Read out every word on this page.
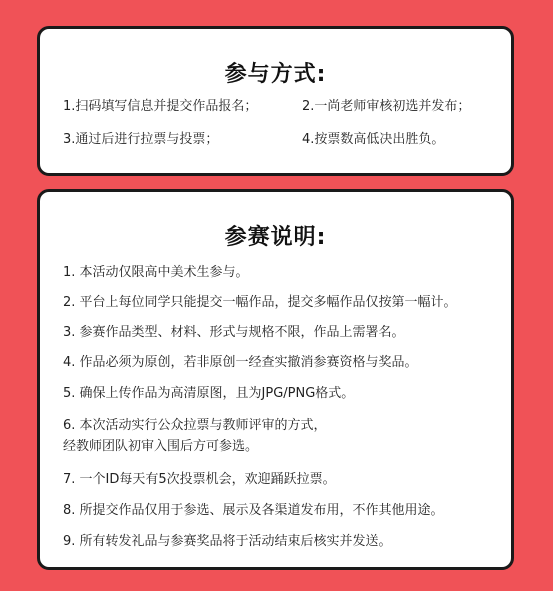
参与方式:
1.扫码填写信息并提交作品报名；	2.一尚老师审核初选并发布；
3.通过后进行拉票与投票；	4.按票数高低决出胜负。
参赛说明:
1. 本活动仅限高中美术生参与。
2. 平台上每位同学只能提交一幅作品，提交多幅作品仅按第一幅计。
3. 参赛作品类型、材料、形式与规格不限，作品上需署名。
4. 作品必须为原创，若非原创一经查实撤消参赛资格与奖品。
5. 确保上传作品为高清原图，且为JPG/PNG格式。
6. 本次活动实行公众拉票与教师评审的方式，
经教师团队初审入围后方可参选。
7. 一个ID每天有5次投票机会，欢迎踊跃拉票。
8. 所提交作品仅用于参选、展示及各渠道发布用，不作其他用途。
9. 所有转发礼品与参赛奖品将于活动结束后核实并发送。
